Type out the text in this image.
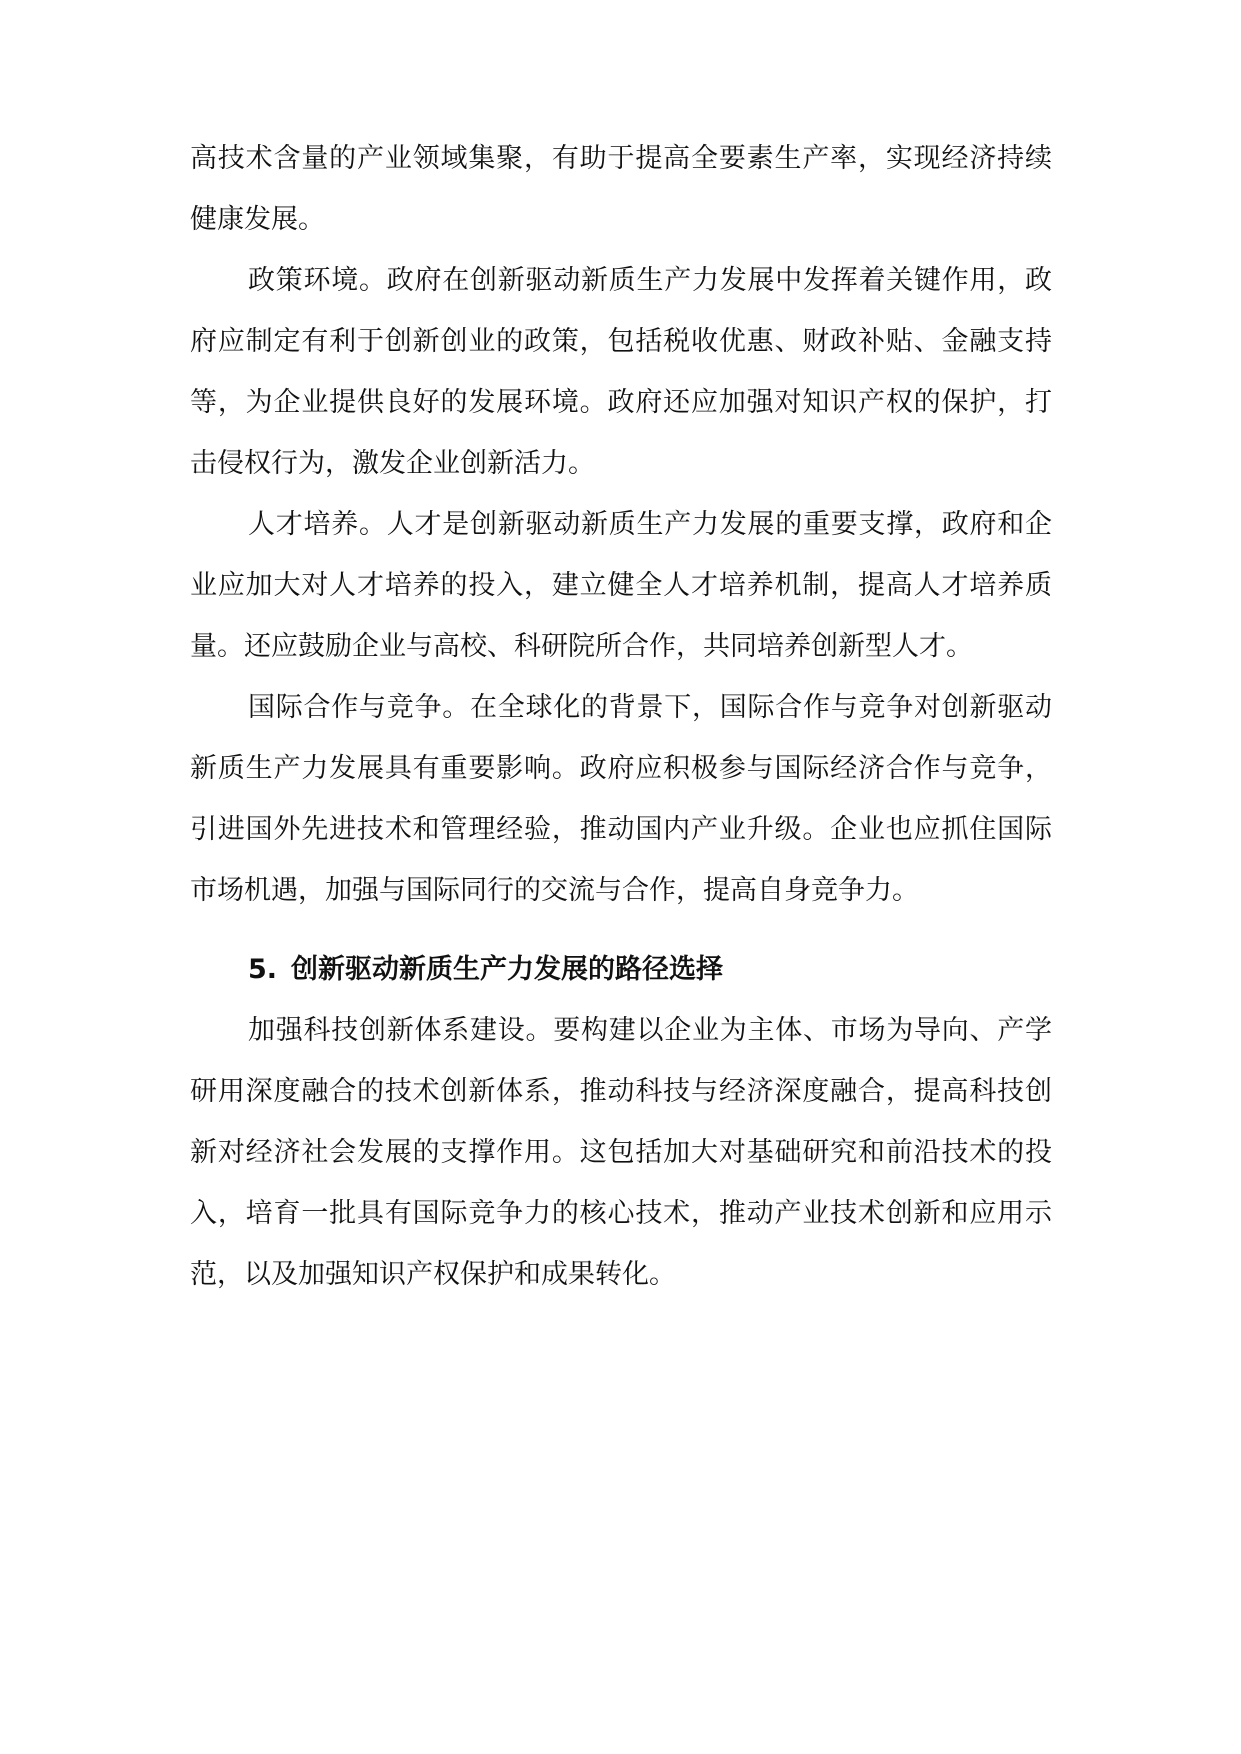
高技术含量的产业领域集聚，有助于提高全要素生产率，实现经济持续健康发展。

政策环境。政府在创新驱动新质生产力发展中发挥着关键作用，政府应制定有利于创新创业的政策，包括税收优惠、财政补贴、金融支持等，为企业提供良好的发展环境。政府还应加强对知识产权的保护，打击侵权行为，激发企业创新活力。

人才培养。人才是创新驱动新质生产力发展的重要支撑，政府和企业应加大对人才培养的投入，建立健全人才培养机制，提高人才培养质量。还应鼓励企业与高校、科研院所合作，共同培养创新型人才。

国际合作与竞争。在全球化的背景下，国际合作与竞争对创新驱动新质生产力发展具有重要影响。政府应积极参与国际经济合作与竞争，引进国外先进技术和管理经验，推动国内产业升级。企业也应抓住国际市场机遇，加强与国际同行的交流与合作，提高自身竞争力。

5. 创新驱动新质生产力发展的路径选择

加强科技创新体系建设。要构建以企业为主体、市场为导向、产学研用深度融合的技术创新体系，推动科技与经济深度融合，提高科技创新对经济社会发展的支撑作用。这包括加大对基础研究和前沿技术的投入，培育一批具有国际竞争力的核心技术，推动产业技术创新和应用示范，以及加强知识产权保护和成果转化。
